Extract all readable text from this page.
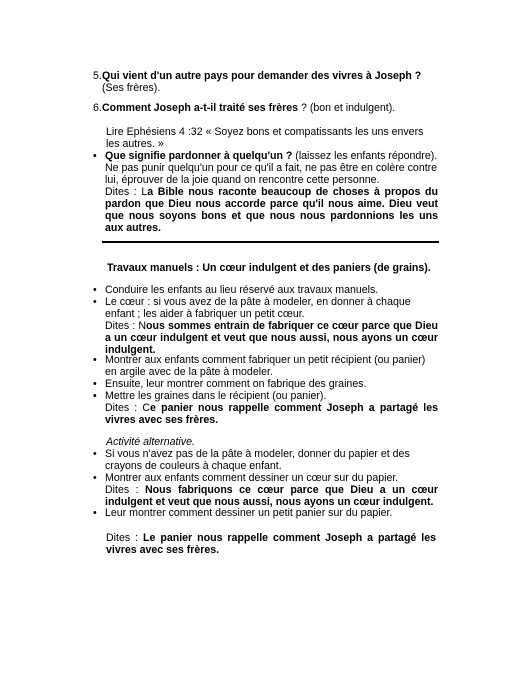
5. Qui vient d'un autre pays pour demander des vivres à Joseph ? (Ses frères).
6. Comment Joseph a-t-il traité ses frères ? (bon et indulgent).
Lire Ephésiens 4 :32 « Soyez bons et compatissants les uns envers les autres. »
• Que signifie pardonner à quelqu'un ? (laissez les enfants répondre). Ne pas punir quelqu'un pour ce qu'il a fait, ne pas être en colère contre lui, éprouver de la joie quand on rencontre cette personne.
Dites : La Bible nous raconte beaucoup de choses à propos du pardon que Dieu nous accorde parce qu'il nous aime. Dieu veut que nous soyons bons et que nous nous pardonnions les uns aux autres.
Travaux manuels : Un cœur indulgent et des paniers (de grains).
• Conduire les enfants au lieu réservé aux travaux manuels.
• Le cœur : si vous avez de la pâte à modeler, en donner à chaque enfant ; les aider à fabriquer un petit cœur.
Dites : Nous sommes entrain de fabriquer ce cœur parce que Dieu a un cœur indulgent et veut que nous aussi, nous ayons un cœur indulgent.
• Montrer aux enfants comment fabriquer un petit récipient (ou panier) en argile avec de la pâte à modeler.
• Ensuite, leur montrer comment on fabrique des graines.
• Mettre les graines dans le récipient (ou panier).
Dites : Ce panier nous rappelle comment Joseph a partagé les vivres avec ses frères.
Activité alternative.
• Si vous n'avez pas de la pâte à modeler, donner du papier et des crayons de couleurs à chaque enfant.
• Montrer aux enfants comment dessiner un cœur sur du papier.
Dites : Nous fabriquons ce cœur parce que Dieu a un cœur indulgent et veut que nous aussi, nous ayons un cœur indulgent.
• Leur montrer comment dessiner un petit panier sur du papier.
Dites : Le panier nous rappelle comment Joseph a partagé les vivres avec ses frères.
